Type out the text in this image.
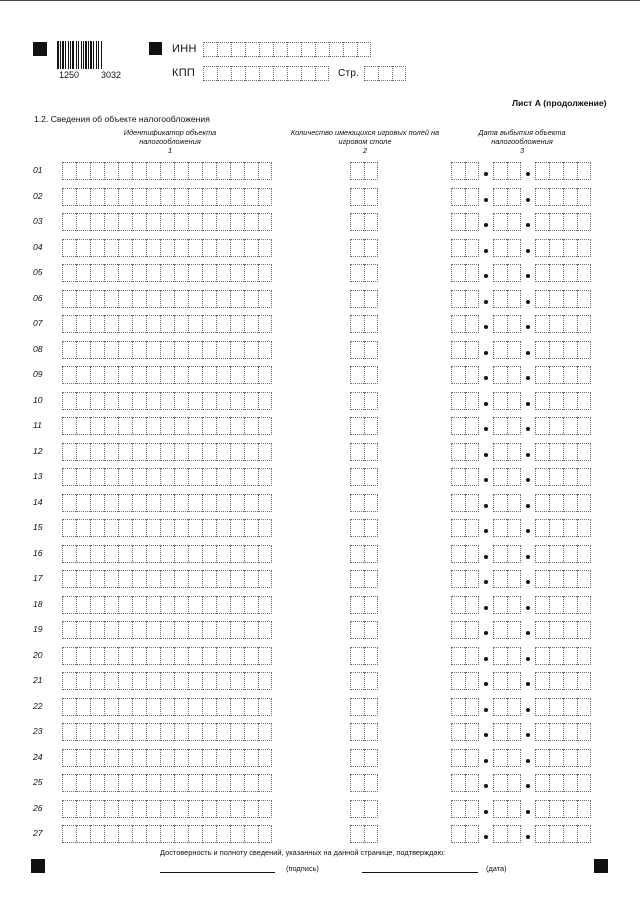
1250 3032
ИНН
КПП	Стр.
Лист А (продолжение)
1.2. Сведения об объекте налогообложения
Идентификатор объекта налогообложения
1
Количество имеющихся игровых полей на игровом столе
2
Дата выбытия объекта налогообложения
3
01
02
03
04
05
06
07
08
09
10
11
12
13
14
15
16
17
18
19
20
21
22
23
24
25
26
27
Достоверность и полноту сведений, указанных на данной странице, подтверждаю:
(подпись)	(дата)
